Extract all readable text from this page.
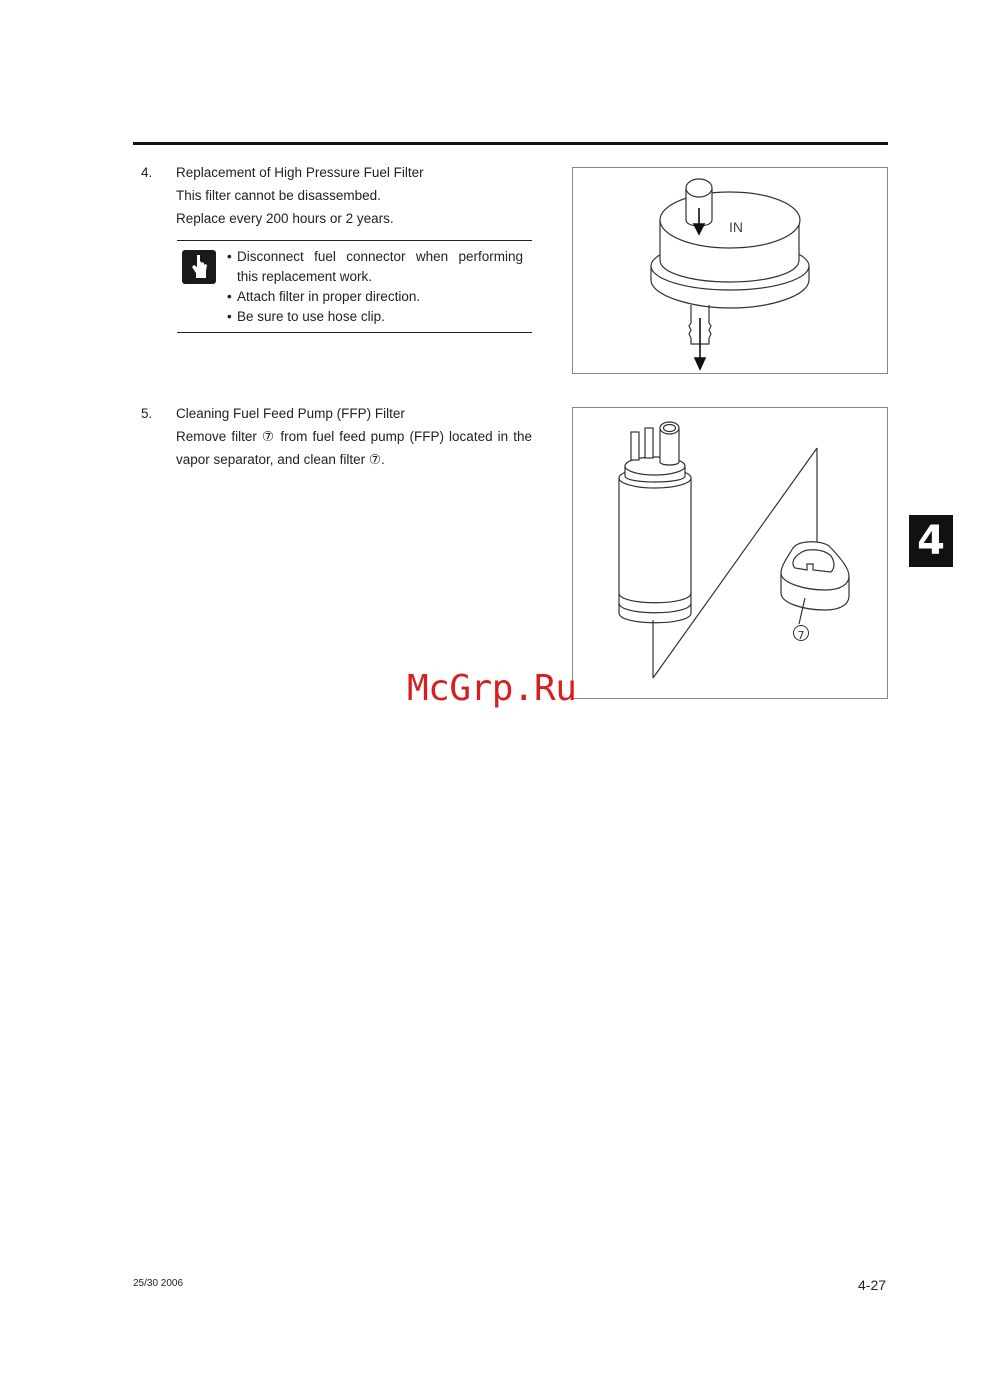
4. Replacement of High Pressure Fuel Filter
This filter cannot be disassembed.
Replace every 200 hours or 2 years.
• Disconnect fuel connector when performing
this replacement work.
• Attach filter in proper direction.
• Be sure to use hose clip.
IN
5. Cleaning Fuel Feed Pump (FFP) Filter
Remove filter ⑦ from fuel feed pump (FFP) located in the
vapor separator, and clean filter ⑦.
7
McGrp.Ru
4
25/30 2006	4-27
